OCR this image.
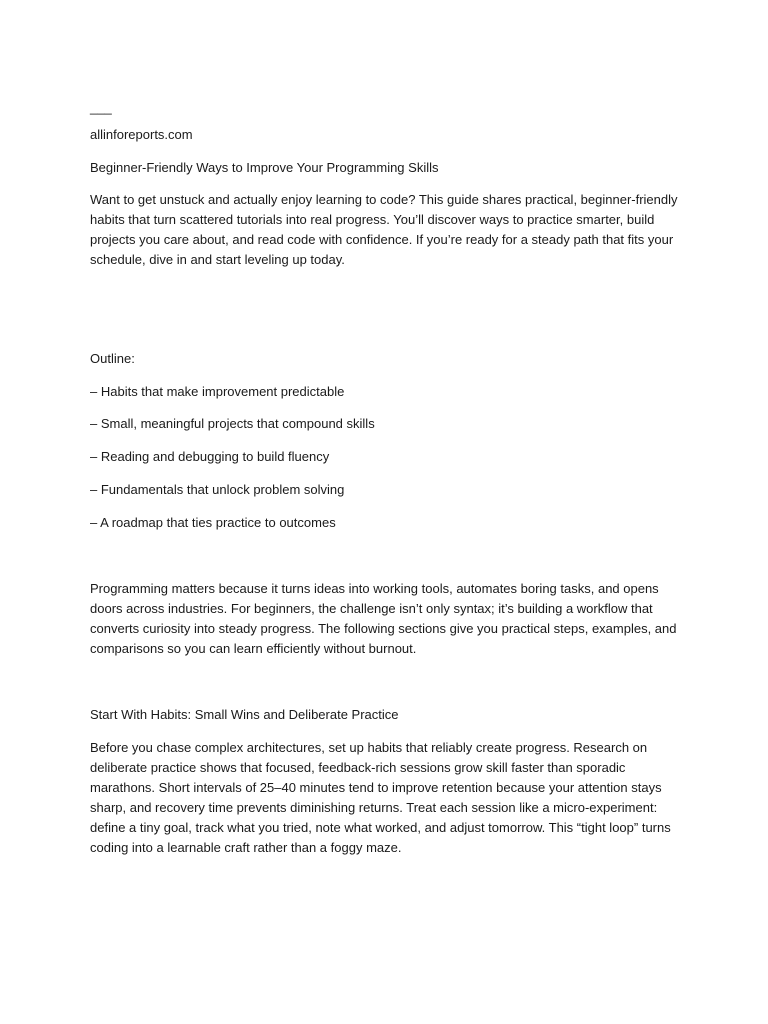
___
allinforeports.com
Beginner-Friendly Ways to Improve Your Programming Skills
Want to get unstuck and actually enjoy learning to code? This guide shares practical, beginner-friendly
habits that turn scattered tutorials into real progress. You’ll discover ways to practice smarter, build
projects you care about, and read code with confidence. If you’re ready for a steady path that fits your
schedule, dive in and start leveling up today.
Outline:
– Habits that make improvement predictable
– Small, meaningful projects that compound skills
– Reading and debugging to build fluency
– Fundamentals that unlock problem solving
– A roadmap that ties practice to outcomes
Programming matters because it turns ideas into working tools, automates boring tasks, and opens
doors across industries. For beginners, the challenge isn’t only syntax; it’s building a workflow that
converts curiosity into steady progress. The following sections give you practical steps, examples, and
comparisons so you can learn efficiently without burnout.
Start With Habits: Small Wins and Deliberate Practice
Before you chase complex architectures, set up habits that reliably create progress. Research on
deliberate practice shows that focused, feedback-rich sessions grow skill faster than sporadic
marathons. Short intervals of 25–40 minutes tend to improve retention because your attention stays
sharp, and recovery time prevents diminishing returns. Treat each session like a micro-experiment:
define a tiny goal, track what you tried, note what worked, and adjust tomorrow. This “tight loop” turns
coding into a learnable craft rather than a foggy maze.
